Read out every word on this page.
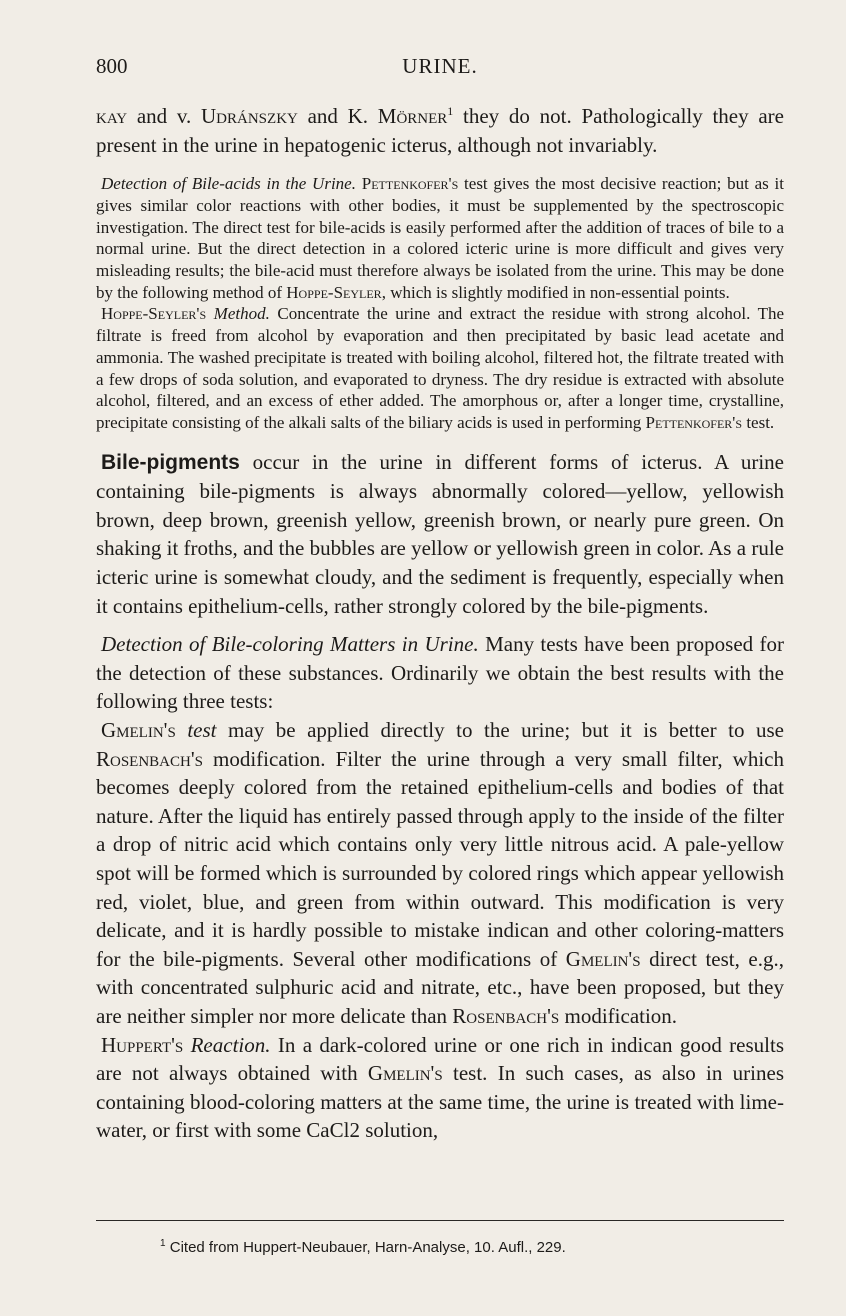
800	URINE.

kay and v. Udránszky and K. Mörner$^1$ they do not. Pathologically they are present in the urine in hepatogenic icterus, although not invariably.

Detection of Bile-acids in the Urine. Pettenkofer's test gives the most decisive reaction; but as it gives similar color reactions with other bodies, it must be supplemented by the spectroscopic investigation. The direct test for bile-acids is easily performed after the addition of traces of bile to a normal urine. But the direct detection in a colored icteric urine is more difficult and gives very misleading results; the bile-acid must therefore always be isolated from the urine. This may be done by the following method of Hoppe-Seyler, which is slightly modified in non-essential points.

Hoppe-Seyler's Method. Concentrate the urine and extract the residue with strong alcohol. The filtrate is freed from alcohol by evaporation and then precipitated by basic lead acetate and ammonia. The washed precipitate is treated with boiling alcohol, filtered hot, the filtrate treated with a few drops of soda solution, and evaporated to dryness. The dry residue is extracted with absolute alcohol, filtered, and an excess of ether added. The amorphous or, after a longer time, crystalline, precipitate consisting of the alkali salts of the biliary acids is used in performing Pettenkofer's test.

Bile-pigments occur in the urine in different forms of icterus. A urine containing bile-pigments is always abnormally colored—yellow, yellowish brown, deep brown, greenish yellow, greenish brown, or nearly pure green. On shaking it froths, and the bubbles are yellow or yellowish green in color. As a rule icteric urine is somewhat cloudy, and the sediment is frequently, especially when it contains epithelium-cells, rather strongly colored by the bile-pigments.

Detection of Bile-coloring Matters in Urine. Many tests have been proposed for the detection of these substances. Ordinarily we obtain the best results with the following three tests:

Gmelin's test may be applied directly to the urine; but it is better to use Rosenbach's modification. Filter the urine through a very small filter, which becomes deeply colored from the retained epithelium-cells and bodies of that nature. After the liquid has entirely passed through apply to the inside of the filter a drop of nitric acid which contains only very little nitrous acid. A pale-yellow spot will be formed which is surrounded by colored rings which appear yellowish red, violet, blue, and green from within outward. This modification is very delicate, and it is hardly possible to mistake indican and other coloring-matters for the bile-pigments. Several other modifications of Gmelin's direct test, e.g., with concentrated sulphuric acid and nitrate, etc., have been proposed, but they are neither simpler nor more delicate than Rosenbach's modification.

Huppert's Reaction. In a dark-colored urine or one rich in indican good results are not always obtained with Gmelin's test. In such cases, as also in urines containing blood-coloring matters at the same time, the urine is treated with lime-water, or first with some CaCl2 solution,

$^1$ Cited from Huppert-Neubauer, Harn-Analyse, 10. Aufl., 229.
